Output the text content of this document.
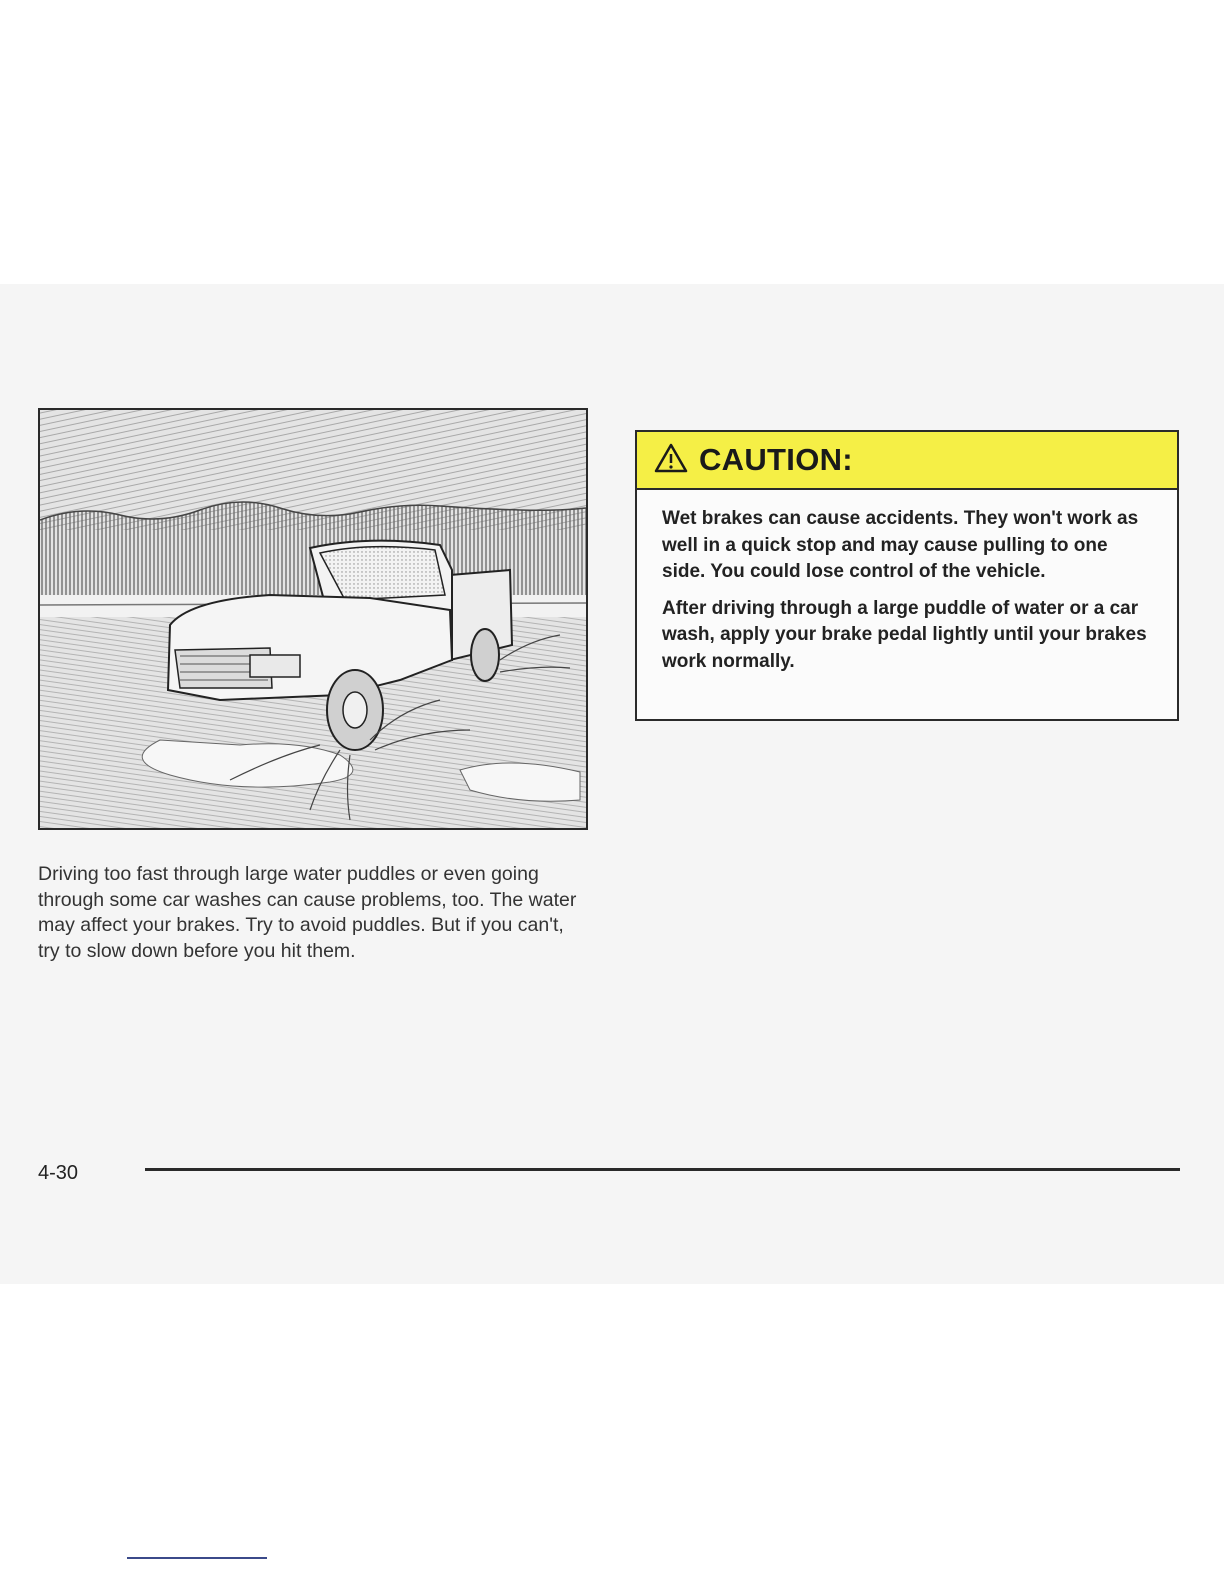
Driving too fast through large water puddles or even going through some car washes can cause problems, too. The water may affect your brakes. Try to avoid puddles. But if you can't, try to slow down before you hit them.

CAUTION:

Wet brakes can cause accidents. They won't work as well in a quick stop and may cause pulling to one side. You could lose control of the vehicle.

After driving through a large puddle of water or a car wash, apply your brake pedal lightly until your brakes work normally.

4-30
